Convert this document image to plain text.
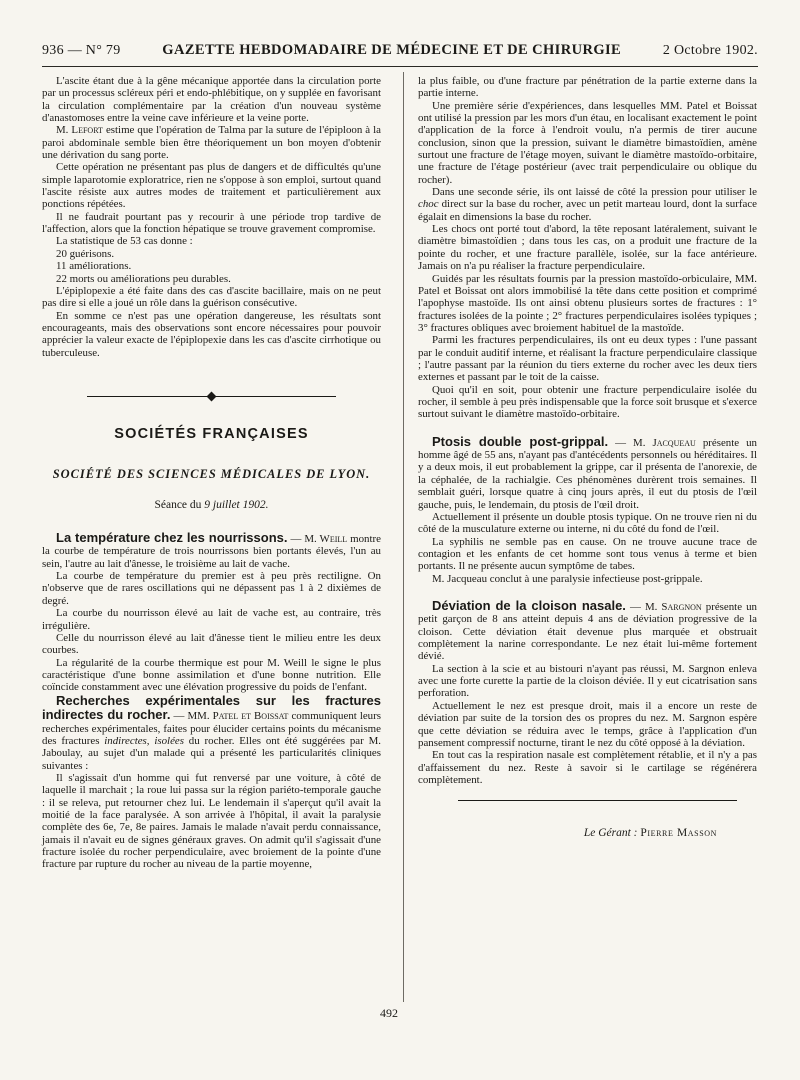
936 — N° 79	GAZETTE HEBDOMADAIRE DE MÉDECINE ET DE CHIRURGIE	2 Octobre 1902.

L'ascite étant due à la gêne mécanique apportée dans la circulation porte par un processus scléreux péri et endo-phlébitique, on y supplée en favorisant la circulation complémentaire par la création d'un nouveau système d'anastomoses entre la veine cave inférieure et la veine porte.

M. Lefort estime que l'opération de Talma par la suture de l'épiploon à la paroi abdominale semble bien être théoriquement un bon moyen d'obtenir une dérivation du sang porte.

Cette opération ne présentant pas plus de dangers et de difficultés qu'une simple laparotomie exploratrice, rien ne s'oppose à son emploi, surtout quand l'ascite résiste aux autres modes de traitement et particulièrement aux ponctions répétées.

Il ne faudrait pourtant pas y recourir à une période trop tardive de l'affection, alors que la fonction hépatique se trouve gravement compromise.

La statistique de 53 cas donne :

20 guérisons.

11 améliorations.

22 morts ou améliorations peu durables.

L'épiplopexie a été faite dans des cas d'ascite bacillaire, mais on ne peut pas dire si elle a joué un rôle dans la guérison consécutive.

En somme ce n'est pas une opération dangereuse, les résultats sont encourageants, mais des observations sont encore nécessaires pour pouvoir apprécier la valeur exacte de l'épiplopexie dans les cas d'ascite cirrhotique ou tuberculeuse.

SOCIÉTÉS FRANÇAISES
SOCIÉTÉ DES SCIENCES MÉDICALES DE LYON.
Séance du 9 juillet 1902.

La température chez les nourrissons. — M. Weill montre la courbe de température de trois nourrissons bien portants élevés, l'un au sein, l'autre au lait d'ânesse, le troisième au lait de vache.

La courbe de température du premier est à peu près rectiligne. On n'observe que de rares oscillations qui ne dépassent pas 1 à 2 dixièmes de degré.

La courbe du nourrisson élevé au lait de vache est, au contraire, très irrégulière.

Celle du nourrisson élevé au lait d'ânesse tient le milieu entre les deux courbes.

La régularité de la courbe thermique est pour M. Weill le signe le plus caractéristique d'une bonne assimilation et d'une bonne nutrition. Elle coïncide constamment avec une élévation progressive du poids de l'enfant.

Recherches expérimentales sur les fractures indirectes du rocher. — MM. Patel et Boissat communiquent leurs recherches expérimentales, faites pour élucider certains points du mécanisme des fractures indirectes, isolées du rocher. Elles ont été suggérées par M. Jaboulay, au sujet d'un malade qui a présenté les particularités cliniques suivantes :

Il s'agissait d'un homme qui fut renversé par une voiture, à côté de laquelle il marchait ; la roue lui passa sur la région pariéto-temporale gauche : il se releva, put retourner chez lui. Le lendemain il s'aperçut qu'il avait la moitié de la face paralysée. A son arrivée à l'hôpital, il avait la paralysie complète des 6e, 7e, 8e paires. Jamais le malade n'avait perdu connaissance, jamais il n'avait eu de signes généraux graves. On admit qu'il s'agissait d'une fracture isolée du rocher perpendiculaire, avec broiement de la pointe d'une fracture par rupture du rocher au niveau de la partie moyenne,

la plus faible, ou d'une fracture par pénétration de la partie externe dans la partie interne.

Une première série d'expériences, dans lesquelles MM. Patel et Boissat ont utilisé la pression par les mors d'un étau, en localisant exactement le point d'application de la force à l'endroit voulu, n'a permis de tirer aucune conclusion, sinon que la pression, suivant le diamètre bimastoïdien, amène surtout une fracture de l'étage moyen, suivant le diamètre mastoïdo-orbitaire, une fracture de l'étage postérieur (avec trait perpendiculaire ou oblique du rocher).

Dans une seconde série, ils ont laissé de côté la pression pour utiliser le choc direct sur la base du rocher, avec un petit marteau lourd, dont la surface égalait en dimensions la base du rocher.

Les chocs ont porté tout d'abord, la tête reposant latéralement, suivant le diamètre bimastoïdien ; dans tous les cas, on a produit une fracture de la pointe du rocher, et une fracture parallèle, isolée, sur la face antérieure. Jamais on n'a pu réaliser la fracture perpendiculaire.

Guidés par les résultats fournis par la pression mastoïdo-orbiculaire, MM. Patel et Boissat ont alors immobilisé la tête dans cette position et comprimé l'apophyse mastoïde. Ils ont ainsi obtenu plusieurs sortes de fractures : 1° fractures isolées de la pointe ; 2° fractures perpendiculaires isolées typiques ; 3° fractures obliques avec broiement habituel de la mastoïde.

Parmi les fractures perpendiculaires, ils ont eu deux types : l'une passant par le conduit auditif interne, et réalisant la fracture perpendiculaire classique ; l'autre passant par la réunion du tiers externe du rocher avec les deux tiers externes et passant par le toit de la caisse.

Quoi qu'il en soit, pour obtenir une fracture perpendiculaire isolée du rocher, il semble à peu près indispensable que la force soit brusque et s'exerce surtout suivant le diamètre mastoïdo-orbitaire.

Ptosis double post-grippal. — M. Jacqueau présente un homme âgé de 55 ans, n'ayant pas d'antécédents personnels ou héréditaires. Il y a deux mois, il eut probablement la grippe, car il présenta de l'anorexie, de la céphalée, de la rachialgie. Ces phénomènes durèrent trois semaines. Il semblait guéri, lorsque quatre à cinq jours après, il eut du ptosis de l'œil gauche, puis, le lendemain, du ptosis de l'œil droit.

Actuellement il présente un double ptosis typique. On ne trouve rien ni du côté de la musculature externe ou interne, ni du côté du fond de l'œil.

La syphilis ne semble pas en cause. On ne trouve aucune trace de contagion et les enfants de cet homme sont tous venus à terme et bien portants. Il ne présente aucun symptôme de tabes.

M. Jacqueau conclut à une paralysie infectieuse post-grippale.

Déviation de la cloison nasale. — M. Sargnon présente un petit garçon de 8 ans atteint depuis 4 ans de déviation progressive de la cloison. Cette déviation était devenue plus marquée et obstruait complètement la narine correspondante. Le nez était lui-même fortement dévié.

La section à la scie et au bistouri n'ayant pas réussi, M. Sargnon enleva avec une forte curette la partie de la cloison déviée. Il y eut cicatrisation sans perforation.

Actuellement le nez est presque droit, mais il a encore un reste de déviation par suite de la torsion des os propres du nez. M. Sargnon espère que cette déviation se réduira avec le temps, grâce à l'application d'un pansement compressif nocturne, tirant le nez du côté opposé à la déviation.

En tout cas la respiration nasale est complètement rétablie, et il n'y a pas d'affaissement du nez. Reste à savoir si le cartilage se régénérera complètement.

Le Gérant : Pierre Masson
492
